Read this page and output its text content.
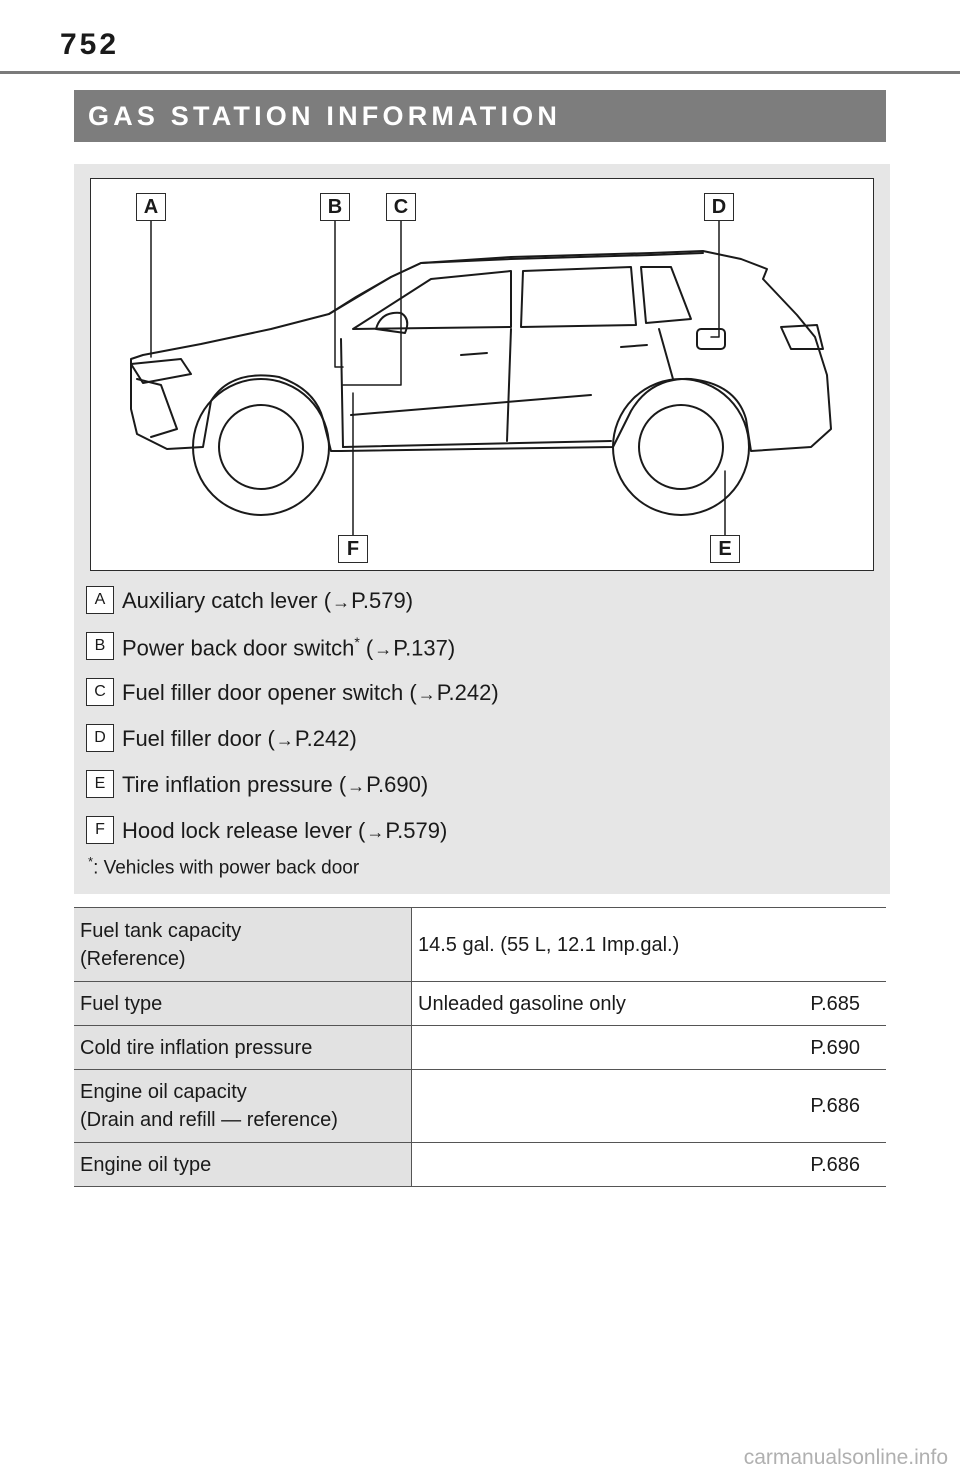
752
GAS STATION INFORMATION
A	B	C	D
E
F
A Auxiliary catch lever (→P.579)
B Power back door switch* (→P.137)
C Fuel filler door opener switch (→P.242)
D Fuel filler door (→P.242)
E Tire inflation pressure (→P.690)
F Hood lock release lever (→P.579)
*: Vehicles with power back door
Fuel tank capacity
(Reference)	14.5 gal. (55 L, 12.1 Imp.gal.)	
Fuel type	Unleaded gasoline only	P.685
Cold tire inflation pressure		P.690

Engine oil capacity
(Drain and refill — reference)		P.686
Engine oil type		P.686
carmanualsonline.info
